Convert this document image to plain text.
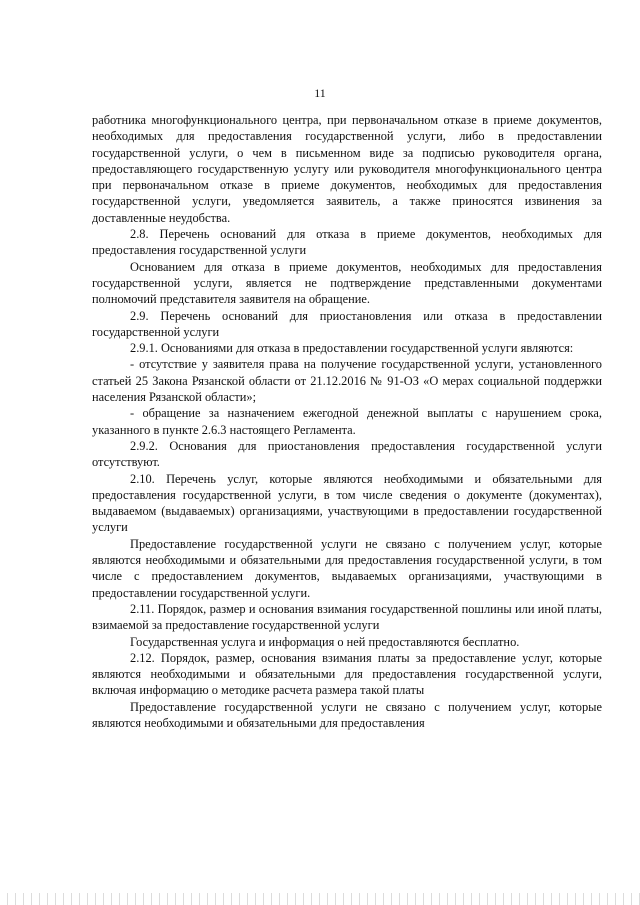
11

работника многофункционального центра, при первоначальном отказе в приеме документов, необходимых для предоставления государственной услуги, либо в предоставлении государственной услуги, о чем в письменном виде за подписью руководителя органа, предоставляющего государственную услугу или руководителя многофункционального центра при первоначальном отказе в приеме документов, необходимых для предоставления государственной услуги, уведомляется заявитель, а также приносятся извинения за доставленные неудобства.

2.8. Перечень оснований для отказа в приеме документов, необходимых для предоставления государственной услуги

Основанием для отказа в приеме документов, необходимых для предоставления государственной услуги, является не подтверждение представленными документами полномочий представителя заявителя на обращение.

2.9. Перечень оснований для приостановления или отказа в предоставлении государственной услуги

2.9.1. Основаниями для отказа в предоставлении государственной услуги являются:

- отсутствие у заявителя права на получение государственной услуги, установленного статьей 25 Закона Рязанской области от 21.12.2016 № 91-ОЗ «О мерах социальной поддержки населения Рязанской области»;

- обращение за назначением ежегодной денежной выплаты с нарушением срока, указанного в пункте 2.6.3 настоящего Регламента.

2.9.2. Основания для приостановления предоставления государственной услуги отсутствуют.

2.10. Перечень услуг, которые являются необходимыми и обязательными для предоставления государственной услуги, в том числе сведения о документе (документах), выдаваемом (выдаваемых) организациями, участвующими в предоставлении государственной услуги

Предоставление государственной услуги не связано с получением услуг, которые являются необходимыми и обязательными для предоставления государственной услуги, в том числе с предоставлением документов, выдаваемых организациями, участвующими в предоставлении государственной услуги.

2.11. Порядок, размер и основания взимания государственной пошлины или иной платы, взимаемой за предоставление государственной услуги

Государственная услуга и информация о ней предоставляются бесплатно.

2.12. Порядок, размер, основания взимания платы за предоставление услуг, которые являются необходимыми и обязательными для предоставления государственной услуги, включая информацию о методике расчета размера такой платы

Предоставление государственной услуги не связано с получением услуг, которые являются необходимыми и обязательными для предоставления
